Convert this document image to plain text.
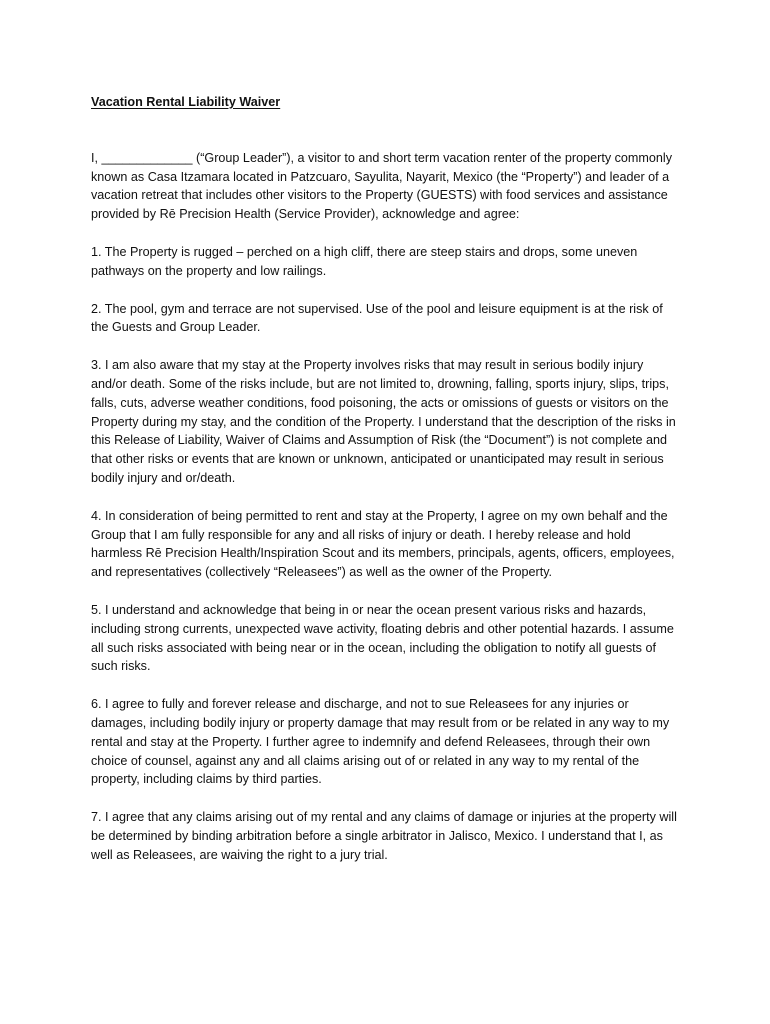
Vacation Rental Liability Waiver

I, _____________ (“Group Leader”), a visitor to and short term vacation renter of the property commonly known as Casa Itzamara located in Patzcuaro, Sayulita, Nayarit, Mexico (the “Property”) and leader of a vacation retreat that includes other visitors to the Property (GUESTS) with food services and assistance provided by Rē Precision Health (Service Provider), acknowledge and agree:

1. The Property is rugged – perched on a high cliff, there are steep stairs and drops, some uneven pathways on the property and low railings.

2. The pool, gym and terrace are not supervised. Use of the pool and leisure equipment is at the risk of the Guests and Group Leader.

3. I am also aware that my stay at the Property involves risks that may result in serious bodily injury and/or death. Some of the risks include, but are not limited to, drowning, falling, sports injury, slips, trips, falls, cuts, adverse weather conditions, food poisoning, the acts or omissions of guests or visitors on the Property during my stay, and the condition of the Property. I understand that the description of the risks in this Release of Liability, Waiver of Claims and Assumption of Risk (the “Document”) is not complete and that other risks or events that are known or unknown, anticipated or unanticipated may result in serious bodily injury and or/death.

4. In consideration of being permitted to rent and stay at the Property, I agree on my own behalf and the Group that I am fully responsible for any and all risks of injury or death. I hereby release and hold harmless Rē Precision Health/Inspiration Scout and its members, principals, agents, officers, employees, and representatives (collectively “Releasees”) as well as the owner of the Property.

5. I understand and acknowledge that being in or near the ocean present various risks and hazards, including strong currents, unexpected wave activity, floating debris and other potential hazards. I assume all such risks associated with being near or in the ocean, including the obligation to notify all guests of such risks.

6. I agree to fully and forever release and discharge, and not to sue Releasees for any injuries or damages, including bodily injury or property damage that may result from or be related in any way to my rental and stay at the Property. I further agree to indemnify and defend Releasees, through their own choice of counsel, against any and all claims arising out of or related in any way to my rental of the property, including claims by third parties.

7. I agree that any claims arising out of my rental and any claims of damage or injuries at the property will be determined by binding arbitration before a single arbitrator in Jalisco, Mexico. I understand that I, as well as Releasees, are waiving the right to a jury trial.
